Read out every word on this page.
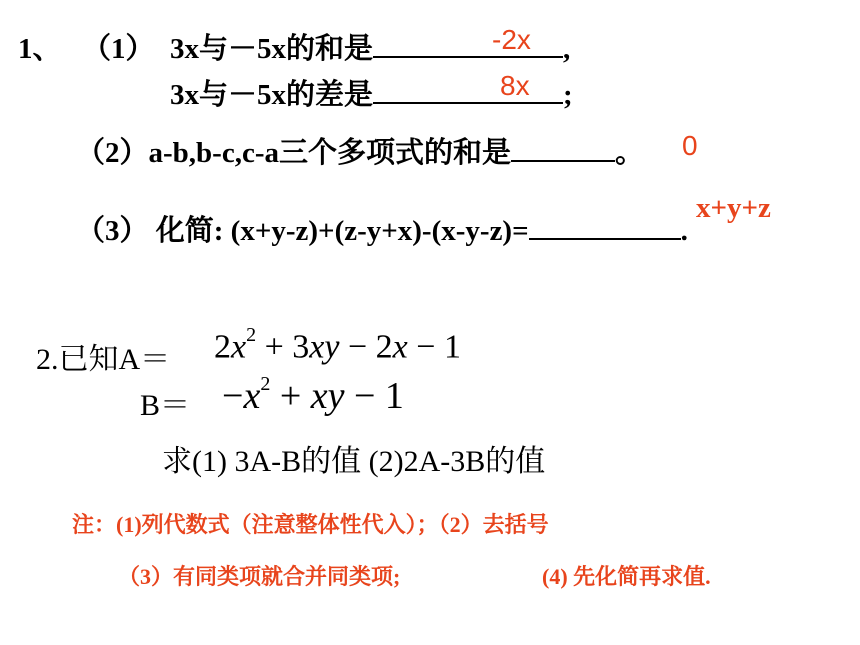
1、 （1） 3x与－5x的和是	,
-2x
3x与－5x的差是	;
8x
（2）a-b,b-c,c-a三个多项式的和是	。 0
（3） 化简: (x+y-z)+(z-y+x)-(x-y-z)=	.
x+y+z
2.已知$A= 2x^2 + 3xy - 2x - 1$
$B= -x^2$ + xy − 1
求(1) 3A-B的值 (2)2A-3B的值
注：(1)列代数式（注意整体性代入）；（2）去括号
（3）有同类项就合并同类项;	(4) 先化简再求值.
